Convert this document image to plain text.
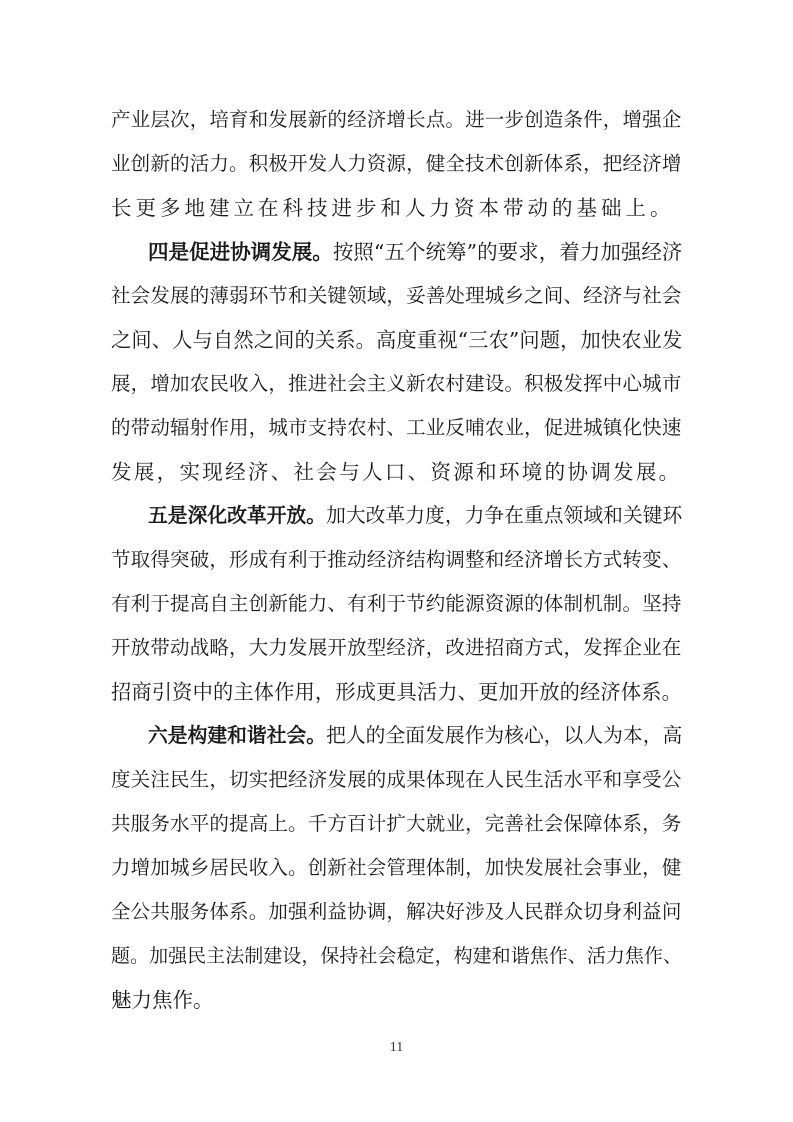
产业层次，培育和发展新的经济增长点。进一步创造条件，增强企
业创新的活力。积极开发人力资源，健全技术创新体系，把经济增
长更多地建立在科技进步和人力资本带动的基础上。
四是促进协调发展。按照“五个统筹”的要求，着力加强经济
社会发展的薄弱环节和关键领域，妥善处理城乡之间、经济与社会
之间、人与自然之间的关系。高度重视“三农”问题，加快农业发
展，增加农民收入，推进社会主义新农村建设。积极发挥中心城市
的带动辐射作用，城市支持农村、工业反哺农业，促进城镇化快速
发展，实现经济、社会与人口、资源和环境的协调发展。
五是深化改革开放。加大改革力度，力争在重点领域和关键环
节取得突破，形成有利于推动经济结构调整和经济增长方式转变、
有利于提高自主创新能力、有利于节约能源资源的体制机制。坚持
开放带动战略，大力发展开放型经济，改进招商方式，发挥企业在
招商引资中的主体作用，形成更具活力、更加开放的经济体系。
六是构建和谐社会。把人的全面发展作为核心，以人为本，高
度关注民生，切实把经济发展的成果体现在人民生活水平和享受公
共服务水平的提高上。千方百计扩大就业，完善社会保障体系，务
力增加城乡居民收入。创新社会管理体制，加快发展社会事业，健
全公共服务体系。加强利益协调，解决好涉及人民群众切身利益问
题。加强民主法制建设，保持社会稳定，构建和谐焦作、活力焦作、
魅力焦作。
11
